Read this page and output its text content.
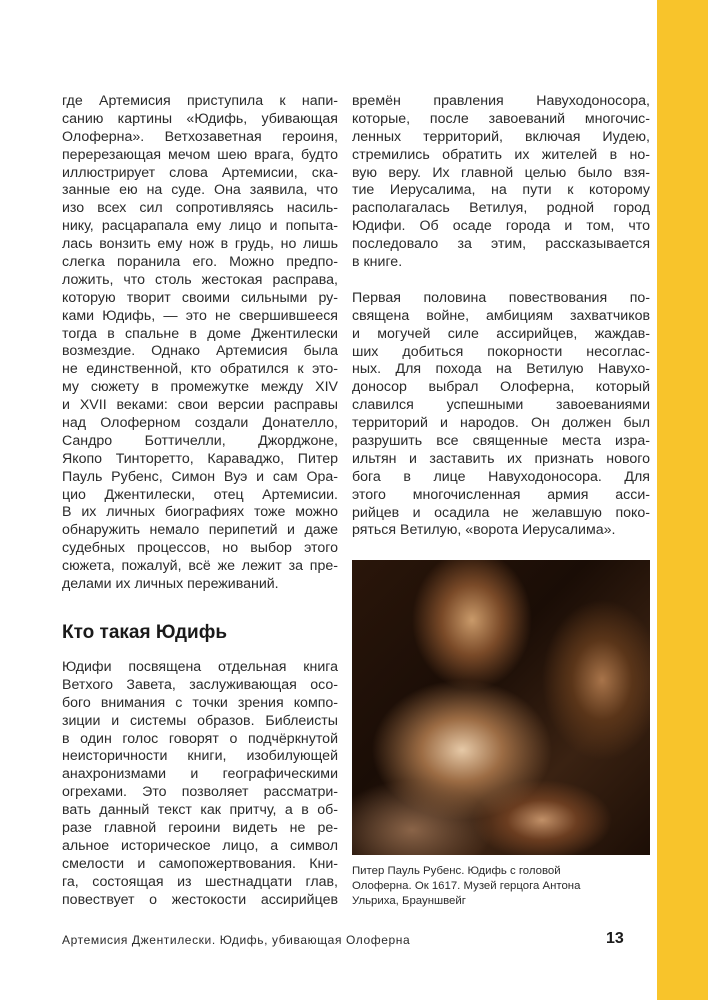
где Артемисия приступила к напи-
санию картины «Юдифь, убивающая
Олоферна». Ветхозаветная героиня,
перерезающая мечом шею врага, будто
иллюстрирует слова Артемисии, ска-
занные ею на суде. Она заявила, что
изо всех сил сопротивляясь насиль-
нику, расцарапала ему лицо и попыта-
лась вонзить ему нож в грудь, но лишь
слегка поранила его. Можно предпо-
ложить, что столь жестокая расправа,
которую творит своими сильными ру-
ками Юдифь, — это не свершившееся
тогда в спальне в доме Джентилески
возмездие. Однако Артемисия была
не единственной, кто обратился к это-
му сюжету в промежутке между XIV
и XVII веками: свои версии расправы
над Олоферном создали Донателло,
Сандро Боттичелли, Джорджоне,
Якопо Тинторетто, Караваджо, Питер
Пауль Рубенс, Симон Вуэ и сам Ора-
цио Джентилески, отец Артемисии.
В их личных биографиях тоже можно
обнаружить немало перипетий и даже
судебных процессов, но выбор этого
сюжета, пожалуй, всё же лежит за пре-
делами их личных переживаний.
Кто такая Юдифь
Юдифи посвящена отдельная книга
Ветхого Завета, заслуживающая осо-
бого внимания с точки зрения компо-
зиции и системы образов. Библеисты
в один голос говорят о подчёркнутой
неисторичности книги, изобилующей
анахронизмами и географическими
огрехами. Это позволяет рассматри-
вать данный текст как притчу, а в об-
разе главной героини видеть не ре-
альное историческое лицо, а символ
смелости и самопожертвования. Кни-
га, состоящая из шестнадцати глав,
повествует о жестокости ассирийцев
времён правления Навуходоносора,
которые, после завоеваний многочис-
ленных территорий, включая Иудею,
стремились обратить их жителей в но-
вую веру. Их главной целью было взя-
тие Иерусалима, на пути к которому
располагалась Ветилуя, родной город
Юдифи. Об осаде города и том, что
последовало за этим, рассказывается
в книге.
Первая половина повествования по-
священа войне, амбициям захватчиков
и могучей силе ассирийцев, жаждав-
ших добиться покорности несоглас-
ных. Для похода на Ветилую Навухо-
доносор выбрал Олоферна, который
славился успешными завоеваниями
территорий и народов. Он должен был
разрушить все священные места изра-
ильтян и заставить их признать нового
бога в лице Навуходоносора. Для
этого многочисленная армия асси-
рийцев и осадила не желавшую поко-
ряться Ветилую, «ворота Иерусалима».
Питер Пауль Рубенс. Юдифь с головой
Олоферна. Ок 1617. Музей герцога Антона
Ульриха, Брауншвейг
Артемисия Джентилески. Юдифь, убивающая Олоферна	13
